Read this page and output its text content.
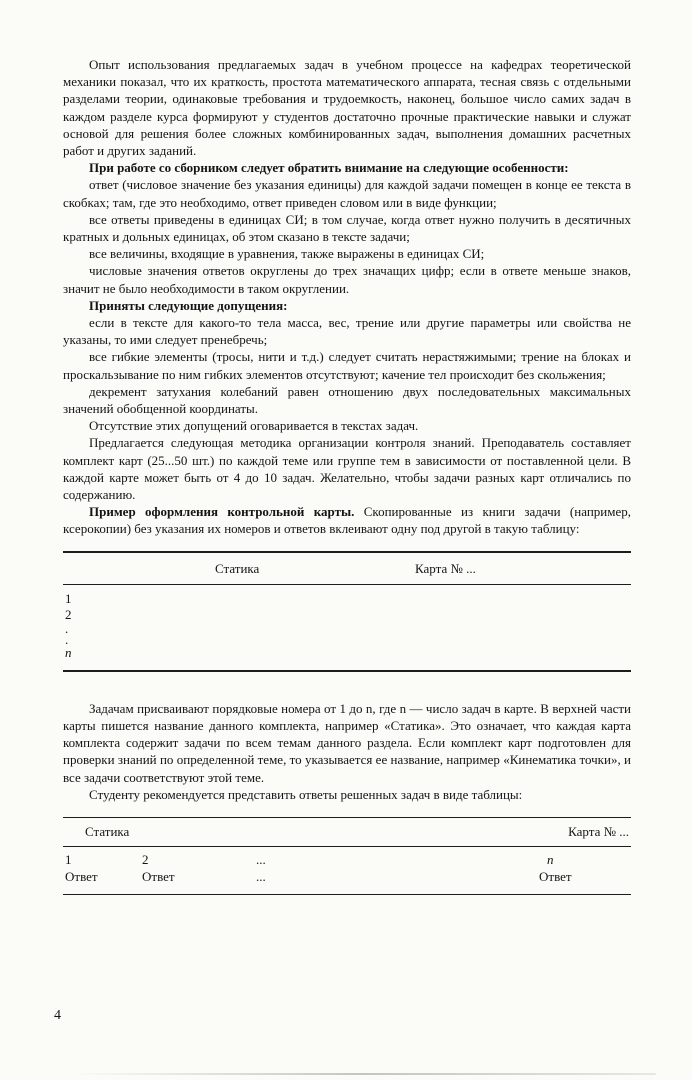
Опыт использования предлагаемых задач в учебном процессе на кафедрах теоретической механики показал, что их краткость, простота математического аппарата, тесная связь с отдельными разделами теории, одинаковые требования и трудоемкость, наконец, большое число самих задач в каждом разделе курса формируют у студентов достаточно прочные практические навыки и служат основой для решения более сложных комбинированных задач, выполнения домашних расчетных работ и других заданий.

При работе со сборником следует обратить внимание на следующие особенности:

ответ (числовое значение без указания единицы) для каждой задачи помещен в конце ее текста в скобках; там, где это необходимо, ответ приведен словом или в виде функции;

все ответы приведены в единицах СИ; в том случае, когда ответ нужно получить в десятичных кратных и дольных единицах, об этом сказано в тексте задачи;

все величины, входящие в уравнения, также выражены в единицах СИ;

числовые значения ответов округлены до трех значащих цифр; если в ответе меньше знаков, значит не было необходимости в таком округлении.

Приняты следующие допущения:

если в тексте для какого-то тела масса, вес, трение или другие параметры или свойства не указаны, то ими следует пренебречь;

все гибкие элементы (тросы, нити и т.д.) следует считать нерастяжимыми; трение на блоках и проскальзывание по ним гибких элементов отсутствуют; качение тел происходит без скольжения;

декремент затухания колебаний равен отношению двух последовательных максимальных значений обобщенной координаты.

Отсутствие этих допущений оговаривается в текстах задач.

Предлагается следующая методика организации контроля знаний. Преподаватель составляет комплект карт (25...50 шт.) по каждой теме или группе тем в зависимости от поставленной цели. В каждой карте может быть от 4 до 10 задач. Желательно, чтобы задачи разных карт отличались по содержанию.

Пример оформления контрольной карты. Скопированные из книги задачи (например, ксерокопии) без указания их номеров и ответов вклеивают одну под другой в такую таблицу:

Статика	Карта № ...
1
2
.
.
n

Задачам присваивают порядковые номера от 1 до n, где n — число задач в карте. В верхней части карты пишется название данного комплекта, например «Статика». Это означает, что каждая карта комплекта содержит задачи по всем темам данного раздела. Если комплект карт подготовлен для проверки знаний по определенной теме, то указывается ее название, например «Кинематика точки», и все задачи соответствуют этой теме.

Студенту рекомендуется представить ответы решенных задач в виде таблицы:

Статика	Карта № ...
1	2	...	n
Ответ	Ответ	...	Ответ
4
